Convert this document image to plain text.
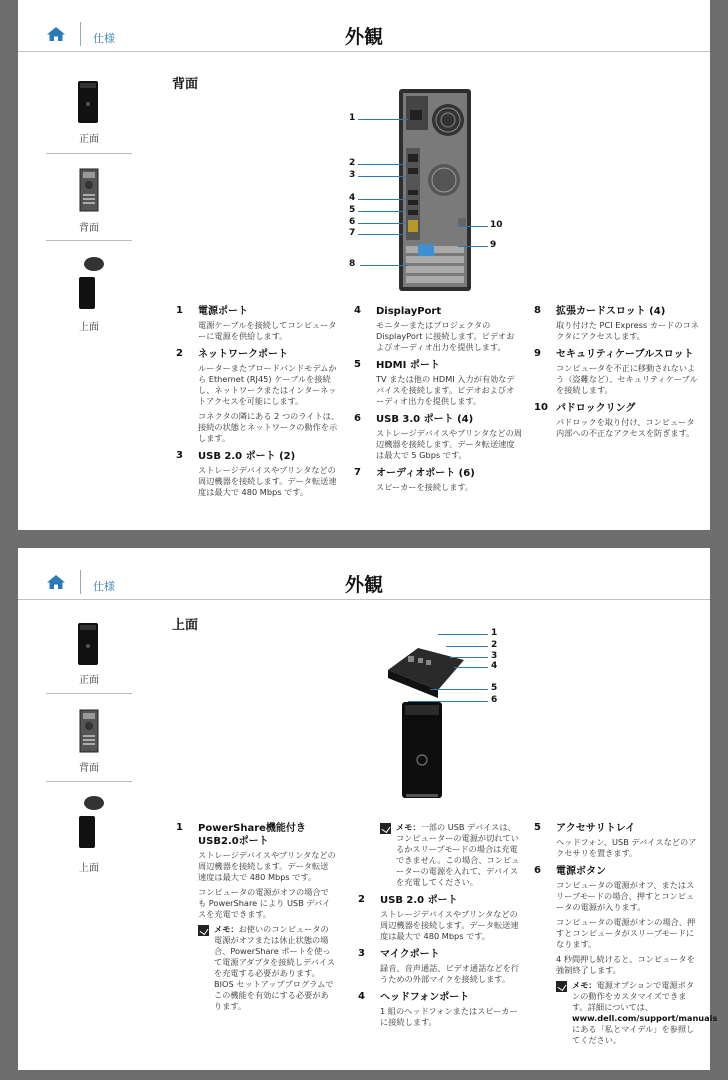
仕様	外観
正面
背面
上面
背面
1
2
3
4
5
6
7
8
10
9
1 電源ポート
電源ケーブルを接続してコンピューターに電源を供給します。
2 ネットワークポート
ルーターまたブロードバンドモデムから Ethernet (RJ45) ケーブルを接続し、ネットワークまたはインターネットアクセスを可能にします。
コネクタの隣にある 2 つのライトは、接続の状態とネットワークの動作を示します。
3 USB 2.0 ポート (2)
ストレージデバイスやプリンタなどの周辺機器を接続します。データ転送速度は最大で 480 Mbps です。
4 DisplayPort
モニターまたはプロジェクタの DisplayPort に接続します。ビデオおよびオーディオ出力を提供します。
5 HDMI ポート
TV または他の HDMI 入力が有効なデバイスを接続します。ビデオおよびオーディオ出力を提供します。
6 USB 3.0 ポート (4)
ストレージデバイスやプリンタなどの周辺機器を接続します。データ転送速度は最大で 5 Gbps です。
7 オーディオポート (6)
スピーカーを接続します。
8 拡張カードスロット (4)
取り付けた PCI Express カードのコネクタにアクセスします。
9 セキュリティケーブルスロット
コンピュータを不正に移動されないよう（盗難など）、セキュリティケーブルを接続します。
10 パドロックリング
パドロックを取り付け、コンピュータ内部への不正なアクセスを防ぎます。
仕様	外観
正面
背面
上面
上面	1
2
3
4
5
6
1 PowerShare機能付きUSB2.0ポート
ストレージデバイスやプリンタなどの周辺機器を接続します。データ転送速度は最大で 480 Mbps です。
コンピュータの電源がオフの場合でも PowerShare により USB デバイスを充電できます。
メモ：お使いのコンピュータの電源がオフまたは休止状態の場合、PowerShare ポートを使って電源アダプタを接続しデバイスを充電する必要があります。BIOS セットアッププログラムでこの機能を有効にする必要があります。
メモ：一部の USB デバイスは、コンピューターの電源が切れているかスリープモードの場合は充電できません。この場合、コンピューターの電源を入れて、デバイスを充電してください。
2 USB 2.0 ポート
ストレージデバイスやプリンタなどの周辺機器を接続します。データ転送速度は最大で 480 Mbps です。
3 マイクポート
録音、音声通話、ビデオ通話などを行うための外部マイクを接続します。
4 ヘッドフォンポート
1 組のヘッドフォンまたはスピーカーに接続します。
5 アクセサリトレイ
ヘッドフォン、USB デバイスなどのアクセサリを置きます。
6 電源ボタン
コンピュータの電源がオフ、またはスリープモードの場合、押すとコンピュータの電源が入ります。
コンピュータの電源がオンの場合、押すとコンピュータがスリープモードになります。
4 秒間押し続けると、コンピュータを強制終了します。
メモ：電源オプションで電源ボタンの動作をカスタマイズできます。詳細については、www.dell.com/support/manualsにある「私とマイデル」を参照してください。
